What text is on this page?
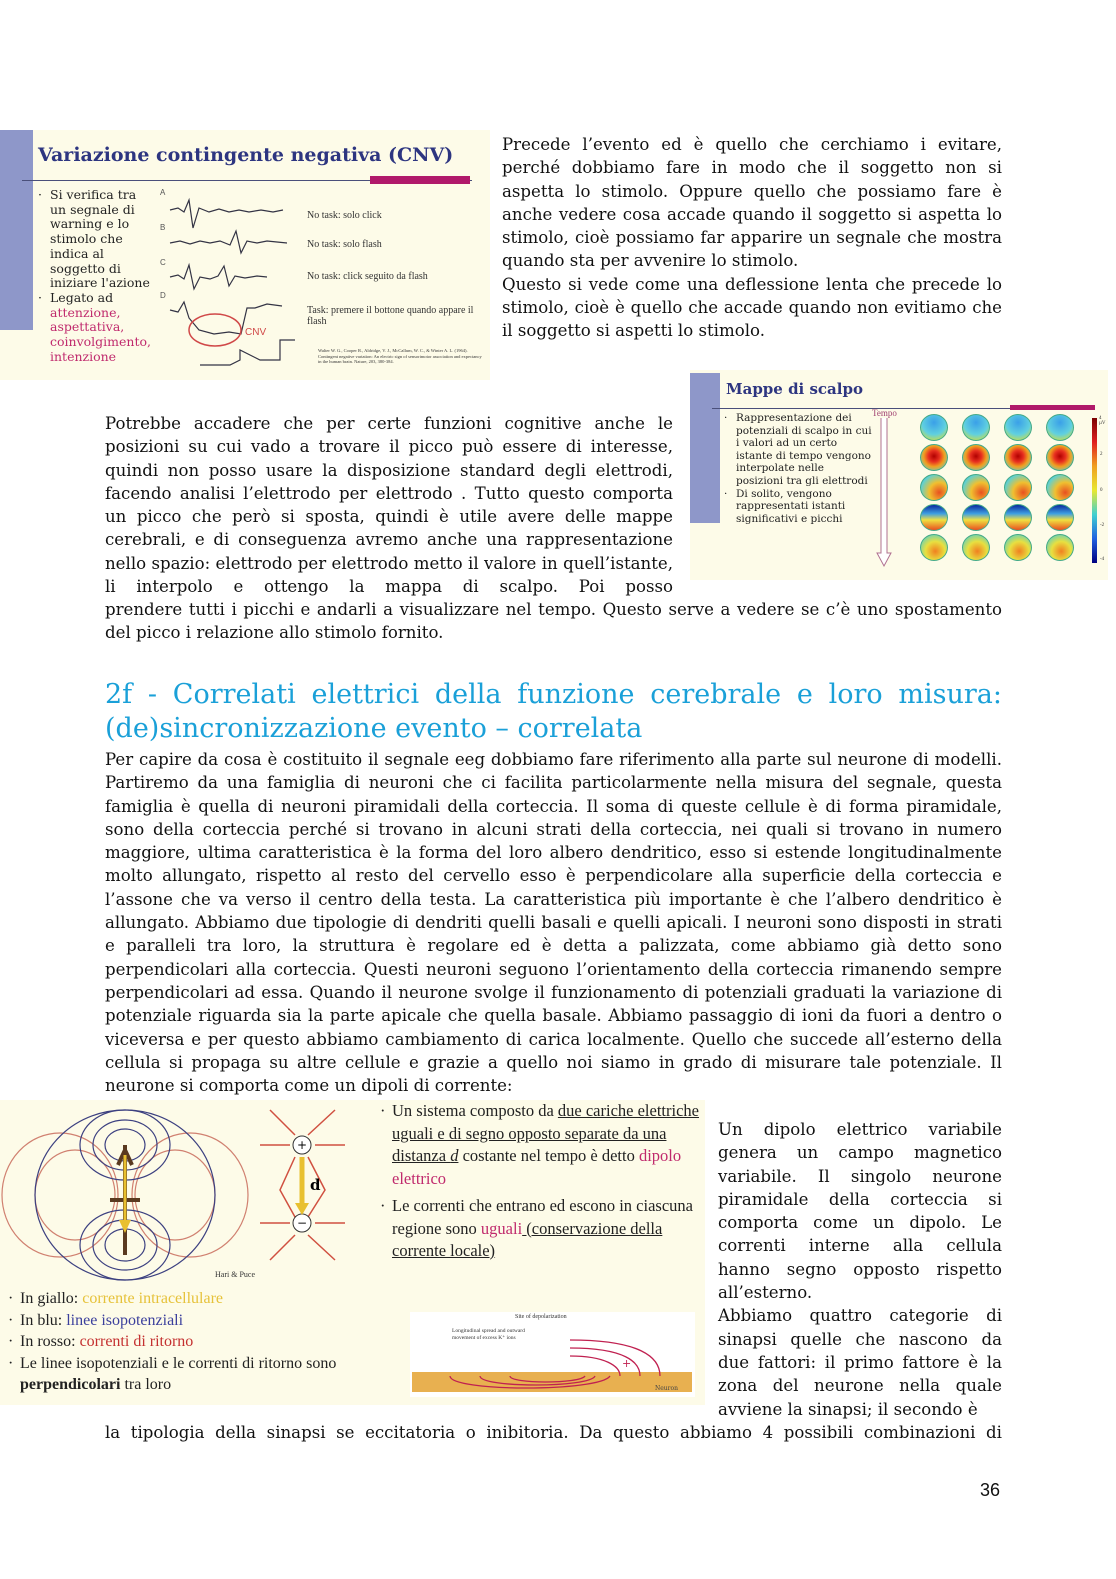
Variazione contingente negativa (CNV)
· Si verifica tra un segnale di warning e lo stimolo che indica al soggetto di iniziare l'azione
· Legato ad attenzione, aspettativa, coinvolgimento, intenzione
A
B
C
D
CNV
No task: solo click
No task: solo flash
No task: click seguito da flash
Task: premere il bottone quando appare il flash
Walter W. G., Cooper R., Aldridge, V. J., McCallum, W. C., & Winter A. L. (1964). Contingent negative variation: An electric sign of sensorimotor association and expectancy in the human brain. Nature, 203, 380-384.
Precede l’evento ed è quello che cerchiamo i evitare, perché dobbiamo fare in modo che il soggetto non si aspetta lo stimolo. Oppure quello che possiamo fare è anche vedere cosa accade quando il soggetto si aspetta lo stimolo, cioè possiamo far apparire un segnale che mostra quando sta per avvenire lo stimolo.
Questo si vede come una deflessione lenta che precede lo stimolo, cioè è quello che accade quando non evitiamo che il soggetto si aspetti lo stimolo.
Mappe di scalpo
· Rappresentazione dei potenziali di scalpo in cui i valori ad un certo istante di tempo vengono interpolate nelle posizioni tra gli elettrodi
· Di solito, vengono rappresentati istanti significativi e picchi
Tempo
4 µV
2
0
-2
-4
Potrebbe accadere che per certe funzioni cognitive anche le posizioni su cui vado a trovare il picco può essere di interesse, quindi non posso usare la disposizione standard degli elettrodi, facendo analisi l’elettrodo per elettrodo . Tutto questo comporta un picco che però si sposta, quindi è utile avere delle mappe cerebrali, e di conseguenza avremo anche una rappresentazione nello spazio: elettrodo per elettrodo metto il valore in quell’istante, li interpolo e ottengo la mappa di scalpo. Poi posso
prendere tutti i picchi e andarli a visualizzare nel tempo. Questo serve a vedere se c’è uno spostamento del picco i relazione allo stimolo fornito.
2f - Correlati elettrici della funzione cerebrale e loro misura: (de)sincronizzazione evento – correlata
Per capire da cosa è costituito il segnale eeg dobbiamo fare riferimento alla parte sul neurone di modelli. Partiremo da una famiglia di neuroni che ci facilita particolarmente nella misura del segnale, questa famiglia è quella di neuroni piramidali della corteccia. Il soma di queste cellule è di forma piramidale, sono della corteccia perché si trovano in alcuni strati della corteccia, nei quali si trovano in numero maggiore, ultima caratteristica è la forma del loro albero dendritico, esso si estende longitudinalmente molto allungato, rispetto al resto del cervello esso è perpendicolare alla superficie della corteccia e l’assone che va verso il centro della testa. La caratteristica più importante è che l’albero dendritico è allungato. Abbiamo due tipologie di dendriti quelli basali e quelli apicali. I neuroni sono disposti in strati e paralleli tra loro, la struttura è regolare ed è detta a palizzata, come abbiamo già detto sono perpendicolari alla corteccia. Questi neuroni seguono l’orientamento della corteccia rimanendo sempre perpendicolari ad essa. Quando il neurone svolge il funzionamento di potenziali graduati la variazione di potenziale riguarda sia la parte apicale che quella basale. Abbiamo passaggio di ioni da fuori a dentro o viceversa e per questo abbiamo cambiamento di carica localmente. Quello che succede all’esterno della cellula si propaga su altre cellule e grazie a quello noi siamo in grado di misurare tale potenziale. Il neurone si comporta come un dipoli di corrente:
+
−
d
Hari & Puce
· In giallo: corrente intracellulare
· In blu: linee isopotenziali
· In rosso: correnti di ritorno
· Le linee isopotenziali e le correnti di ritorno sono perpendicolari tra loro
· Un sistema composto da due cariche elettriche uguali e di segno opposto separate da una distanza d costante nel tempo è detto dipolo elettrico
· Le correnti che entrano ed escono in ciascuna regione sono uguali (conservazione della corrente locale)
Site of depolarization
Longitudinal spread and outward movement of excess K⁺ ions
+
Neuron
Un dipolo elettrico variabile genera un campo magnetico variabile. Il singolo neurone piramidale della corteccia si comporta come un dipolo. Le correnti interne alla cellula hanno segno opposto rispetto all’esterno.
Abbiamo quattro categorie di sinapsi quelle che nascono da due fattori: il primo fattore è la zona del neurone nella quale avviene la sinapsi; il secondo è
la tipologia della sinapsi se eccitatoria o inibitoria. Da questo abbiamo 4 possibili combinazioni di
36
